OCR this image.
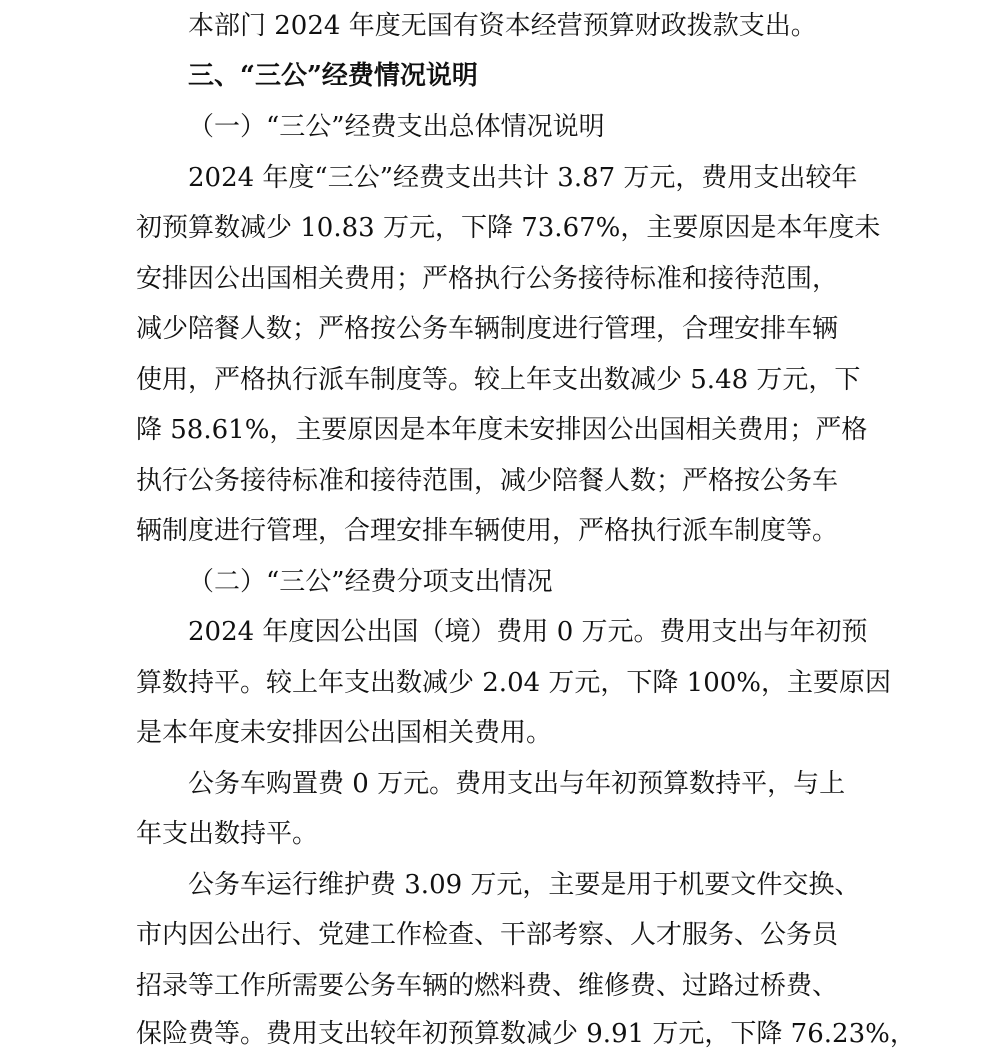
本部门 2024 年度无国有资本经营预算财政拨款支出。
三、“三公”经费情况说明
（一）“三公”经费支出总体情况说明
2024 年度“三公”经费支出共计 3.87 万元，费用支出较年
初预算数减少 10.83 万元，下降 73.67%，主要原因是本年度未
安排因公出国相关费用；严格执行公务接待标准和接待范围，
减少陪餐人数；严格按公务车辆制度进行管理，合理安排车辆
使用，严格执行派车制度等。较上年支出数减少 5.48 万元，下
降 58.61%，主要原因是本年度未安排因公出国相关费用；严格
执行公务接待标准和接待范围，减少陪餐人数；严格按公务车
辆制度进行管理，合理安排车辆使用，严格执行派车制度等。
（二）“三公”经费分项支出情况
2024 年度因公出国（境）费用 0 万元。费用支出与年初预
算数持平。较上年支出数减少 2.04 万元，下降 100%，主要原因
是本年度未安排因公出国相关费用。
公务车购置费 0 万元。费用支出与年初预算数持平，与上
年支出数持平。
公务车运行维护费 3.09 万元，主要是用于机要文件交换、
市内因公出行、党建工作检查、干部考察、人才服务、公务员
招录等工作所需要公务车辆的燃料费、维修费、过路过桥费、
保险费等。费用支出较年初预算数减少 9.91 万元，下降 76.23%，
